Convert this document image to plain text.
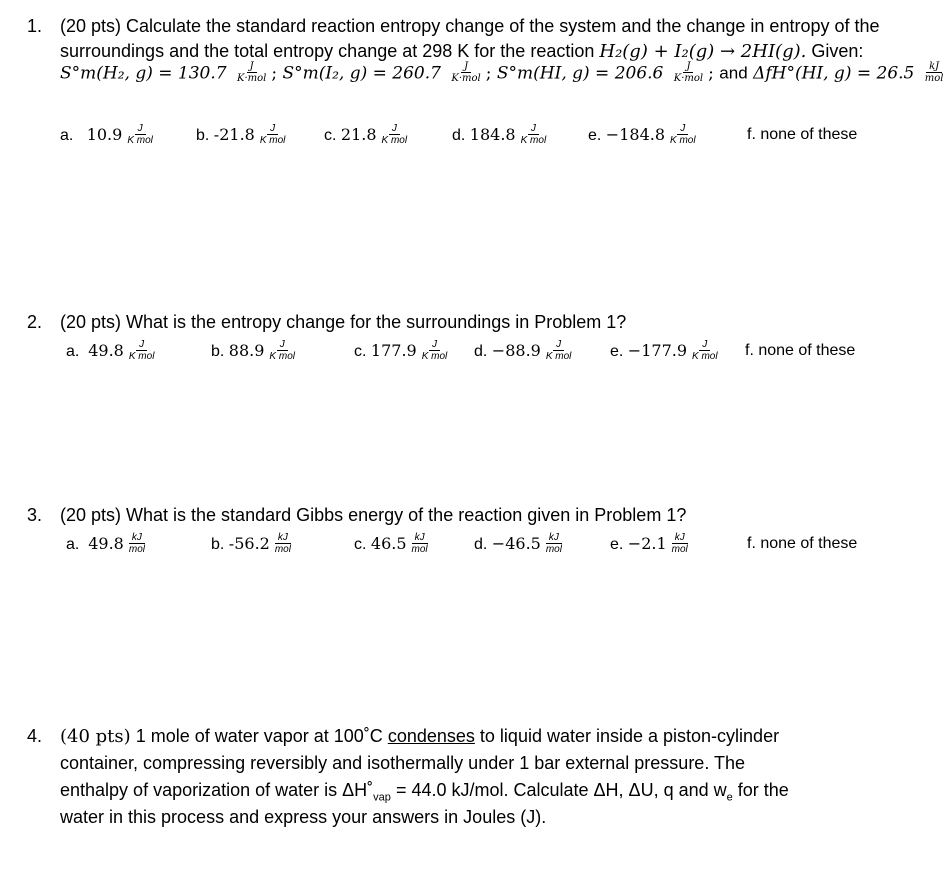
1. (20 pts) Calculate the standard reaction entropy change of the system and the change in entropy of the
surroundings and the total entropy change at 298 K for the reaction H₂(g) + I₂(g) → 2HI(g). Given:
S°m(H₂, $g) = 130.7 \frac{J}{\text{K·mol}}$ ; S°m(I₂, $g) = 260.7 \frac{J}{\text{K·mol}}$ ; S°m(HI, $g) = 206.6 \frac{J}{\text{K·mol}}$ ; and ΔfH°(HI, $g) = 26.5 \frac{kJ}{\text{mol}}$
a. $10.9 \frac{J}{\text{K mol}}$	b. $-21.8 \frac{J}{\text{K mol}} c$. $21.8 \frac{J}{\text{K mol}}$	d. $184.8 \frac{J}{\text{K mol}} e$. $-184.8 \frac{J}{\text{K mol}}$	f. none of these
2. (20 pts) What is the entropy change for the surroundings in Problem 1?
a. $49.8 \frac{J}{\text{K mol}}$	b. $88.9 \frac{J}{\text{K mol}}$	c. $177.9 \frac{J}{\text{K mol}} d$. $-88.9 \frac{J}{\text{K mol}} e$. $-177.9 \frac{J}{\text{K mol}} f$. none of these
3. (20 pts) What is the standard Gibbs energy of the reaction given in Problem 1?
a. $49.8 \frac{kJ}{\text{mol}}$	b. $-56.2 \frac{kJ}{\text{mol}}$	c. $46.5 \frac{kJ}{\text{mol}}$	d. $-46.5 \frac{kJ}{\text{mol}}$	e. $-2.1 \frac{kJ}{\text{mol}}$	f. none of these
4. (40 pts) 1 mole of water vapor at 100˚C condenses to liquid water inside a piston-cylinder
container, compressing reversibly and isothermally under 1 bar external pressure. The
enthalpy of vaporization of water is $\Delta H˚_{vap} = 44.0$ kJ/mol. Calculate ΔH, ΔU, q and $w_e$ for the
water in this process and express your answers in Joules (J).
